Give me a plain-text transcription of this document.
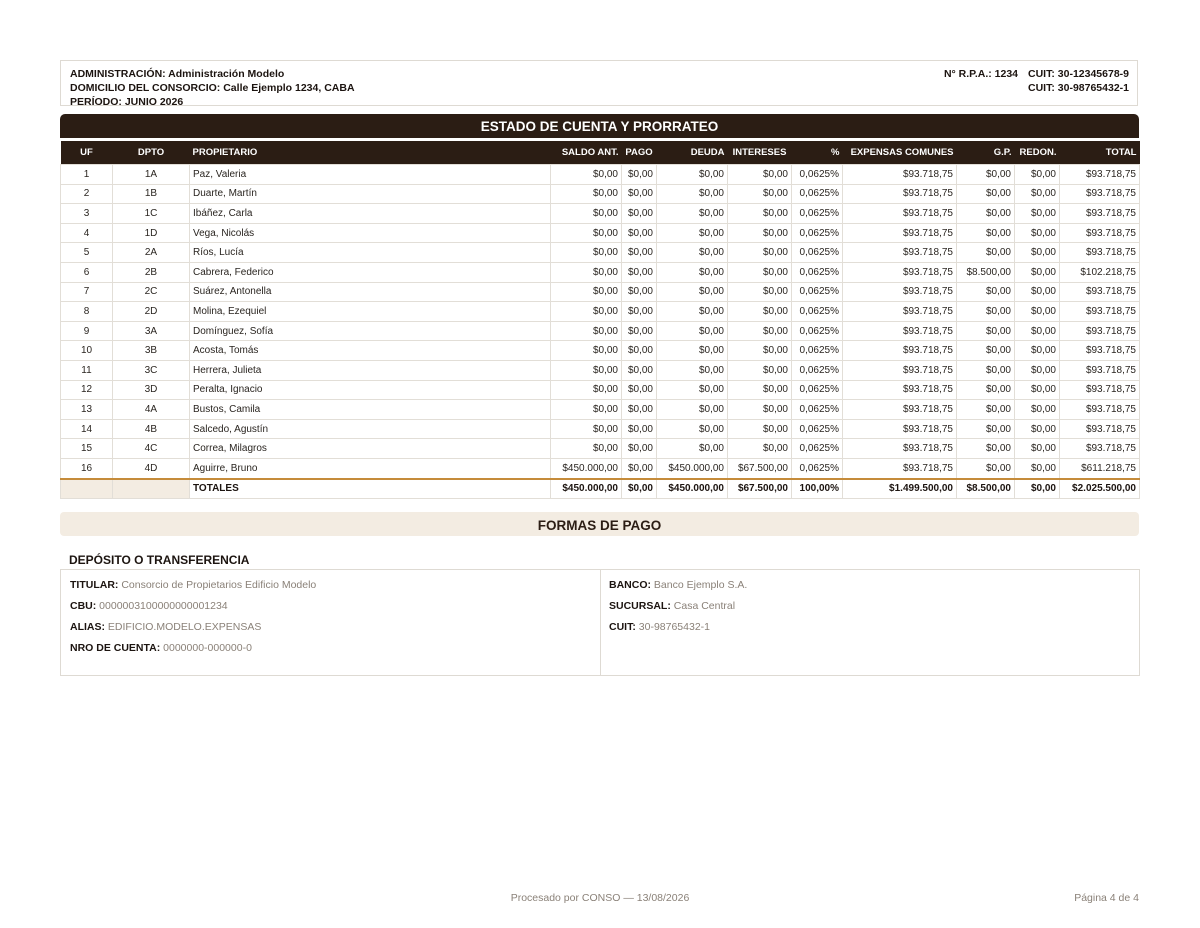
ADMINISTRACIÓN: Administración Modelo
DOMICILIO DEL CONSORCIO: Calle Ejemplo 1234, CABA
PERÍODO: JUNIO 2026
N° R.P.A.: 1234 CUIT: 30-12345678-9
CUIT: 30-98765432-1
ESTADO DE CUENTA Y PRORRATEO
UF	DPTO	PROPIETARIO	SALDO ANT.	PAGO	DEUDA	INTERESES	%	EXPENSAS COMUNES	G.P.	REDON.	TOTAL
1	1A	Paz, Valeria	$0,00	$0,00	$0,00	$0,00	0,0625%	$93.718,75	$0,00	$0,00	$93.718,75
2	1B	Duarte, Martín	$0,00	$0,00	$0,00	$0,00	0,0625%	$93.718,75	$0,00	$0,00	$93.718,75
3	1C	Ibáñez, Carla	$0,00	$0,00	$0,00	$0,00	0,0625%	$93.718,75	$0,00	$0,00	$93.718,75
4	1D	Vega, Nicolás	$0,00	$0,00	$0,00	$0,00	0,0625%	$93.718,75	$0,00	$0,00	$93.718,75
5	2A	Ríos, Lucía	$0,00	$0,00	$0,00	$0,00	0,0625%	$93.718,75	$0,00	$0,00	$93.718,75
6	2B	Cabrera, Federico	$0,00	$0,00	$0,00	$0,00	0,0625%	$93.718,75	$8.500,00	$0,00	$102.218,75
7	2C	Suárez, Antonella	$0,00	$0,00	$0,00	$0,00	0,0625%	$93.718,75	$0,00	$0,00	$93.718,75
8	2D	Molina, Ezequiel	$0,00	$0,00	$0,00	$0,00	0,0625%	$93.718,75	$0,00	$0,00	$93.718,75
9	3A	Domínguez, Sofía	$0,00	$0,00	$0,00	$0,00	0,0625%	$93.718,75	$0,00	$0,00	$93.718,75
10	3B	Acosta, Tomás	$0,00	$0,00	$0,00	$0,00	0,0625%	$93.718,75	$0,00	$0,00	$93.718,75
11	3C	Herrera, Julieta	$0,00	$0,00	$0,00	$0,00	0,0625%	$93.718,75	$0,00	$0,00	$93.718,75
12	3D	Peralta, Ignacio	$0,00	$0,00	$0,00	$0,00	0,0625%	$93.718,75	$0,00	$0,00	$93.718,75
13	4A	Bustos, Camila	$0,00	$0,00	$0,00	$0,00	0,0625%	$93.718,75	$0,00	$0,00	$93.718,75
14	4B	Salcedo, Agustín	$0,00	$0,00	$0,00	$0,00	0,0625%	$93.718,75	$0,00	$0,00	$93.718,75
15	4C	Correa, Milagros	$0,00	$0,00	$0,00	$0,00	0,0625%	$93.718,75	$0,00	$0,00	$93.718,75
16	4D	Aguirre, Bruno	$450.000,00	$0,00	$450.000,00	$67.500,00	0,0625%	$93.718,75	$0,00	$0,00	$611.218,75
		TOTALES	$450.000,00	$0,00	$450.000,00	$67.500,00	100,00%	$1.499.500,00	$8.500,00	$0,00	$2.025.500,00
FORMAS DE PAGO
DEPÓSITO O TRANSFERENCIA
TITULAR: Consorcio de Propietarios Edificio Modelo
CBU: 0000003100000000001234
ALIAS: EDIFICIO.MODELO.EXPENSAS
NRO DE CUENTA: 0000000-000000-0
BANCO: Banco Ejemplo S.A.
SUCURSAL: Casa Central
CUIT: 30-98765432-1
Procesado por CONSO — 13/08/2026	Página 4 de 4
